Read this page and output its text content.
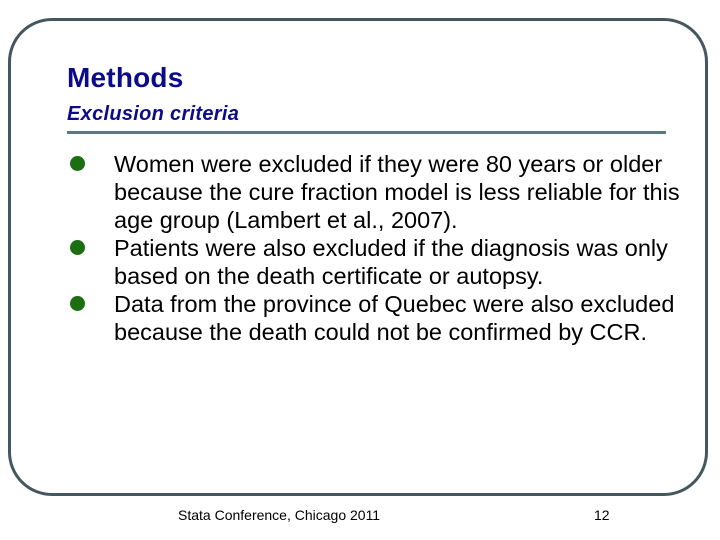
Methods
Exclusion criteria
Women were excluded if they were 80 years or older because the cure fraction model is less reliable for this age group (Lambert et al., 2007).
Patients were also excluded if the diagnosis was only based on the death certificate or autopsy.
Data from the province of Quebec were also excluded because the death could not be confirmed by CCR.
Stata Conference, Chicago 2011	12
